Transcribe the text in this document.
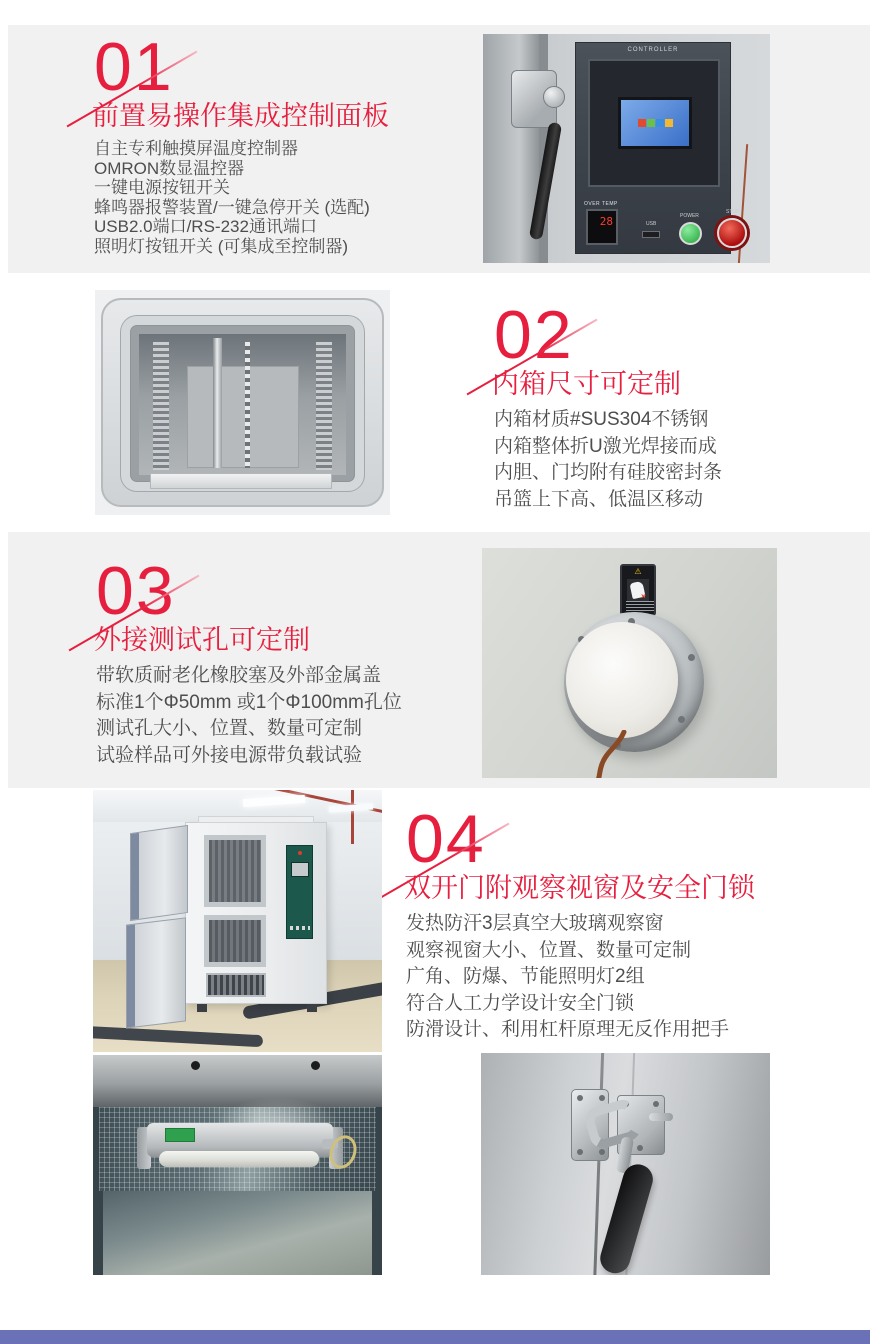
01
前置易操作集成控制面板
自主专利触摸屏温度控制器
OMRON数显温控器
一键电源按钮开关
蜂鸣器报警装置/一键急停开关 (选配)
USB2.0端口/RS-232通讯端口
照明灯按钮开关 (可集成至控制器)
02
内箱尺寸可定制
内箱材质#SUS304不锈钢
内箱整体折U激光焊接而成
内胆、门均附有硅胶密封条
吊篮上下高、低温区移动
03
外接测试孔可定制
带软质耐老化橡胶塞及外部金属盖
标准1个Φ50mm 或1个Φ100mm孔位
测试孔大小、位置、数量可定制
试验样品可外接电源带负载试验
04
双开门附观察视窗及安全门锁
发热防汗3层真空大玻璃观察窗
观察视窗大小、位置、数量可定制
广角、防爆、节能照明灯2组
符合人工力学设计安全门锁
防滑设计、利用杠杆原理无反作用把手
CONTROLLER
OVER TEMP
28	USB
POWER
STOP
⚠
×
